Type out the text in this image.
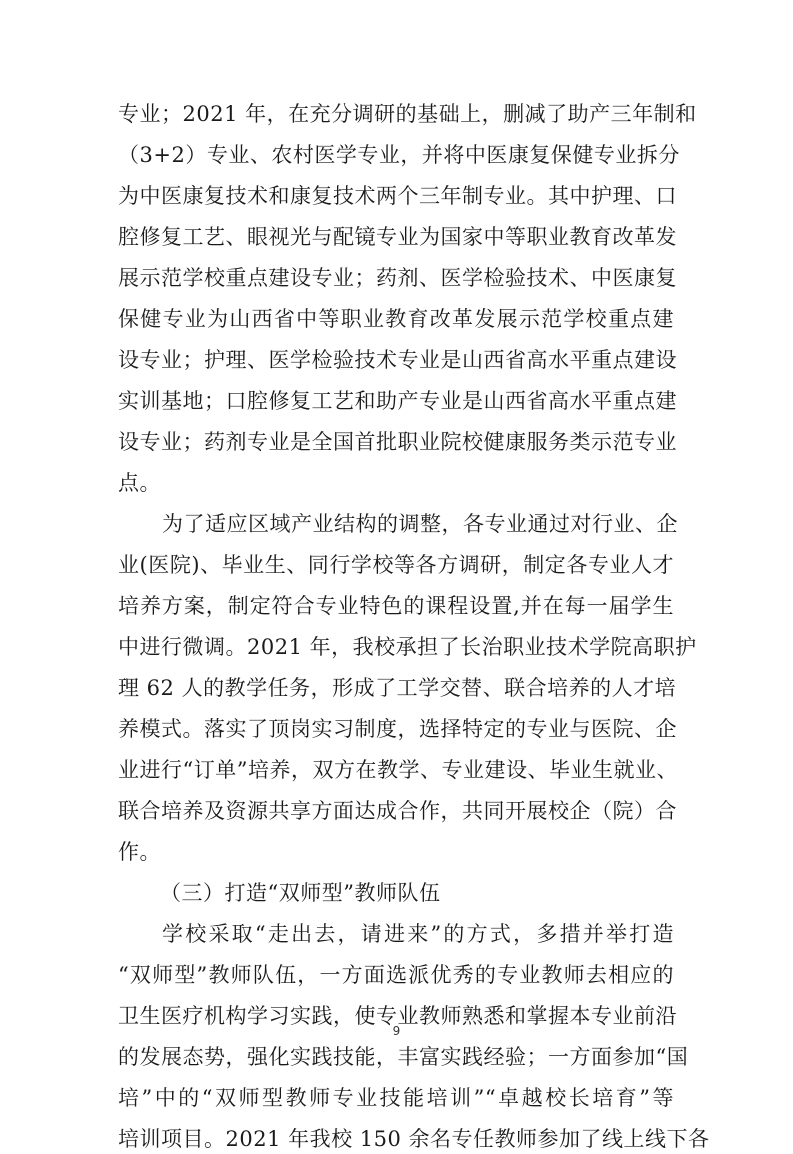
专业；2021 年，在充分调研的基础上，删减了助产三年制和
（3+2）专业、农村医学专业，并将中医康复保健专业拆分
为中医康复技术和康复技术两个三年制专业。其中护理、口
腔修复工艺、眼视光与配镜专业为国家中等职业教育改革发
展示范学校重点建设专业；药剂、医学检验技术、中医康复
保健专业为山西省中等职业教育改革发展示范学校重点建
设专业；护理、医学检验技术专业是山西省高水平重点建设
实训基地；口腔修复工艺和助产专业是山西省高水平重点建
设专业；药剂专业是全国首批职业院校健康服务类示范专业
点。
为了适应区域产业结构的调整，各专业通过对行业、企
业(医院)、毕业生、同行学校等各方调研，制定各专业人才
培养方案，制定符合专业特色的课程设置,并在每一届学生
中进行微调。2021 年，我校承担了长治职业技术学院高职护
理 62 人的教学任务，形成了工学交替、联合培养的人才培
养模式。落实了顶岗实习制度，选择特定的专业与医院、企
业进行“订单”培养，双方在教学、专业建设、毕业生就业、
联合培养及资源共享方面达成合作，共同开展校企（院）合
作。
（三）打造“双师型”教师队伍
学校采取“走出去，请进来”的方式，多措并举打造
“双师型”教师队伍，一方面选派优秀的专业教师去相应的
卫生医疗机构学习实践，使专业教师熟悉和掌握本专业前沿
的发展态势，强化实践技能，丰富实践经验；一方面参加“国
培”中的“双师型教师专业技能培训”“卓越校长培育”等
培训项目。2021 年我校 150 余名专任教师参加了线上线下各
9
